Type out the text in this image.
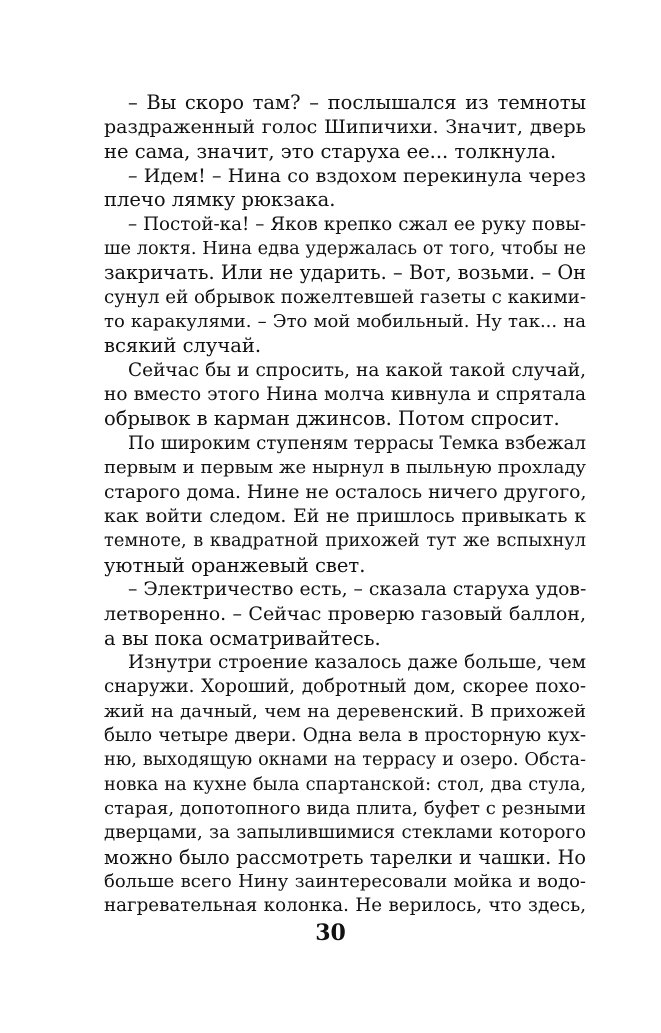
– Вы скоро там? – послышался из темноты
раздраженный голос Шипичихи. Значит, дверь
не сама, значит, это старуха ее... толкнула.
– Идем! – Нина со вздохом перекинула через
плечо лямку рюкзака.
– Постой-ка! – Яков крепко сжал ее руку повы-
ше локтя. Нина едва удержалась от того, чтобы не
закричать. Или не ударить. – Вот, возьми. – Он
сунул ей обрывок пожелтевшей газеты с какими-
то каракулями. – Это мой мобильный. Ну так... на
всякий случай.
Сейчас бы и спросить, на какой такой случай,
но вместо этого Нина молча кивнула и спрятала
обрывок в карман джинсов. Потом спросит.
По широким ступеням террасы Темка взбежал
первым и первым же нырнул в пыльную прохладу
старого дома. Нине не осталось ничего другого,
как войти следом. Ей не пришлось привыкать к
темноте, в квадратной прихожей тут же вспыхнул
уютный оранжевый свет.
– Электричество есть, – сказала старуха удов-
летворенно. – Сейчас проверю газовый баллон,
а вы пока осматривайтесь.
Изнутри строение казалось даже больше, чем
снаружи. Хороший, добротный дом, скорее похо-
жий на дачный, чем на деревенский. В прихожей
было четыре двери. Одна вела в просторную кух-
ню, выходящую окнами на террасу и озеро. Обста-
новка на кухне была спартанской: стол, два стула,
старая, допотопного вида плита, буфет с резными
дверцами, за запылившимися стеклами которого
можно было рассмотреть тарелки и чашки. Но
больше всего Нину заинтересовали мойка и водо-
нагревательная колонка. Не верилось, что здесь,
30
